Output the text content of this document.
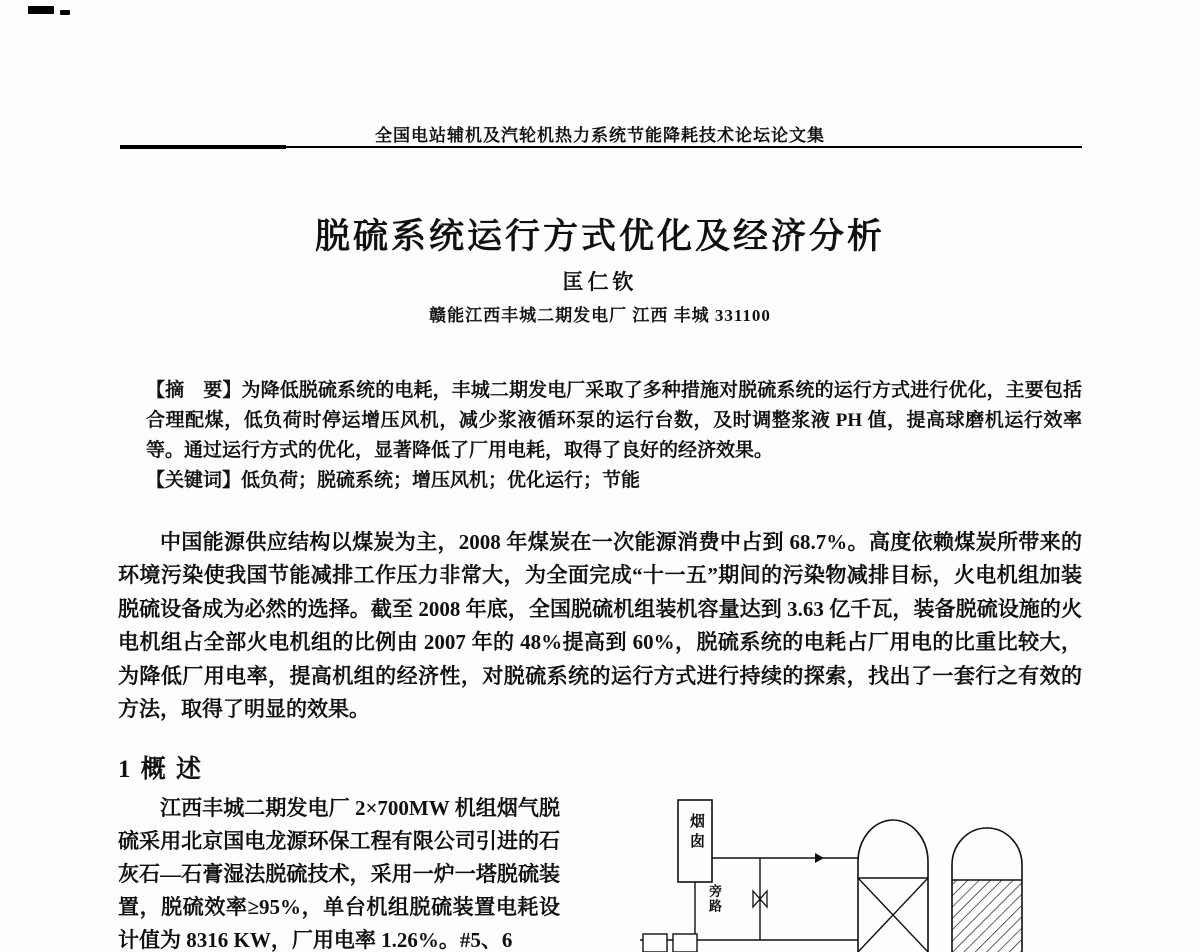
全国电站辅机及汽轮机热力系统节能降耗技术论坛论文集
脱硫系统运行方式优化及经济分析
匡仁钦
赣能江西丰城二期发电厂 江西 丰城 331100

【摘　要】为降低脱硫系统的电耗，丰城二期发电厂采取了多种措施对脱硫系统的运行方式进行优化，主要包括合理配煤，低负荷时停运增压风机，减少浆液循环泵的运行台数，及时调整浆液 PH 值，提高球磨机运行效率等。通过运行方式的优化，显著降低了厂用电耗，取得了良好的经济效果。

【关键词】低负荷；脱硫系统；增压风机；优化运行；节能

中国能源供应结构以煤炭为主，2008 年煤炭在一次能源消费中占到 68.7%。高度依赖煤炭所带来的环境污染使我国节能减排工作压力非常大，为全面完成“十一五”期间的污染物减排目标，火电机组加装脱硫设备成为必然的选择。截至 2008 年底，全国脱硫机组装机容量达到 3.63 亿千瓦，装备脱硫设施的火电机组占全部火电机组的比例由 2007 年的 48%提高到 60%，脱硫系统的电耗占厂用电的比重比较大，为降低厂用电率，提高机组的经济性，对脱硫系统的运行方式进行持续的探索，找出了一套行之有效的方法，取得了明显的效果。

1 概 述

江西丰城二期发电厂 2×700MW 机组烟气脱硫采用北京国电龙源环保工程有限公司引进的石灰石—石膏湿法脱硫技术，采用一炉一塔脱硫装置，脱硫效率≥95%，单台机组脱硫装置电耗设计值为 8316 KW，厂用电率 1.26%。#5、6

烟囱
旁路
